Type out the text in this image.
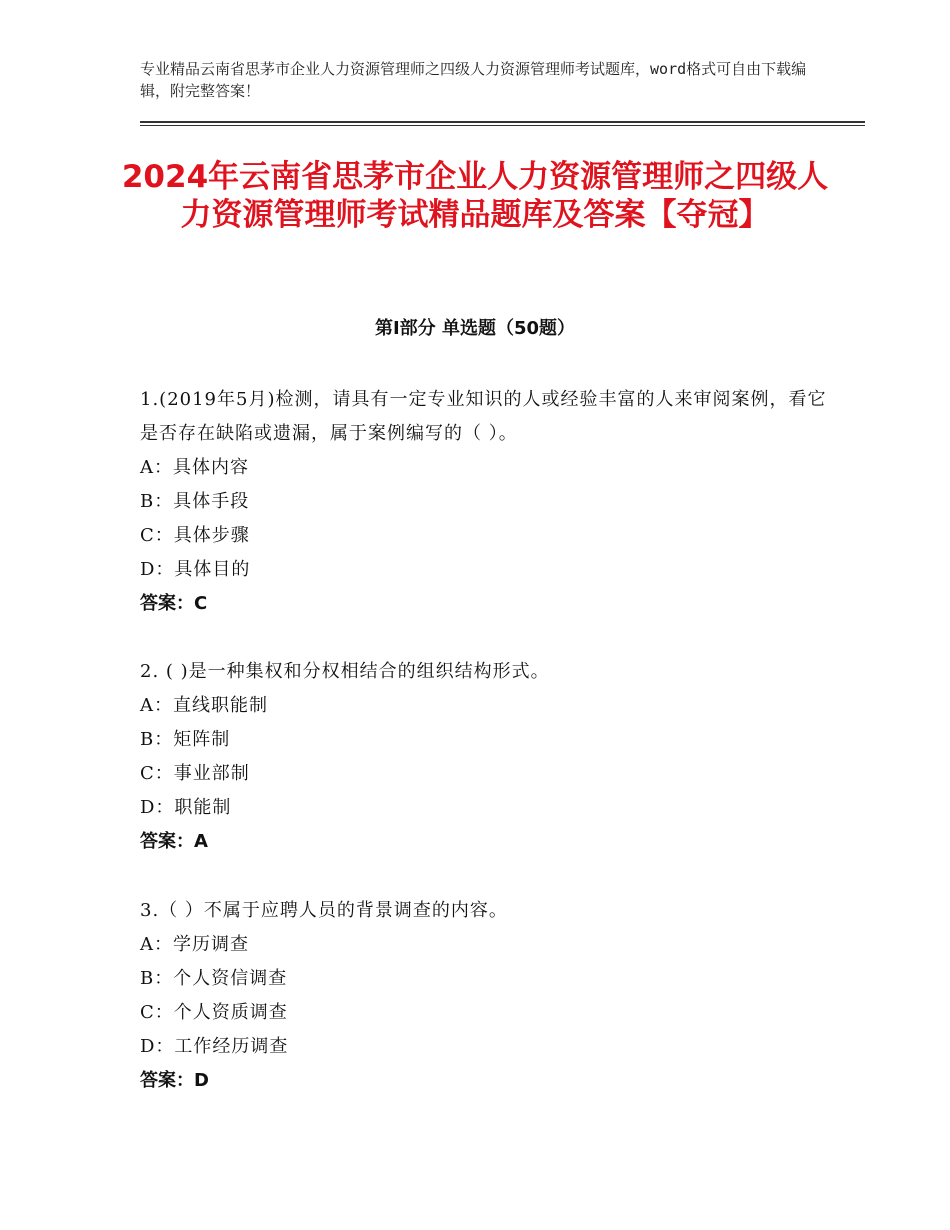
专业精品云南省思茅市企业人力资源管理师之四级人力资源管理师考试题库，word格式可自由下载编辑，附完整答案！
2024年云南省思茅市企业人力资源管理师之四级人力资源管理师考试精品题库及答案【夺冠】
第Ⅰ部分 单选题（50题）
1.(2019年5月)检测，请具有一定专业知识的人或经验丰富的人来审阅案例，看它是否存在缺陷或遗漏，属于案例编写的（ ）。
A：具体内容
B：具体手段
C：具体步骤
D：具体目的
答案：C
2. ( )是一种集权和分权相结合的组织结构形式。
A：直线职能制
B：矩阵制
C：事业部制
D：职能制
答案：A
3.（ ）不属于应聘人员的背景调查的内容。
A：学历调查
B：个人资信调查
C：个人资质调查
D：工作经历调查
答案：D
